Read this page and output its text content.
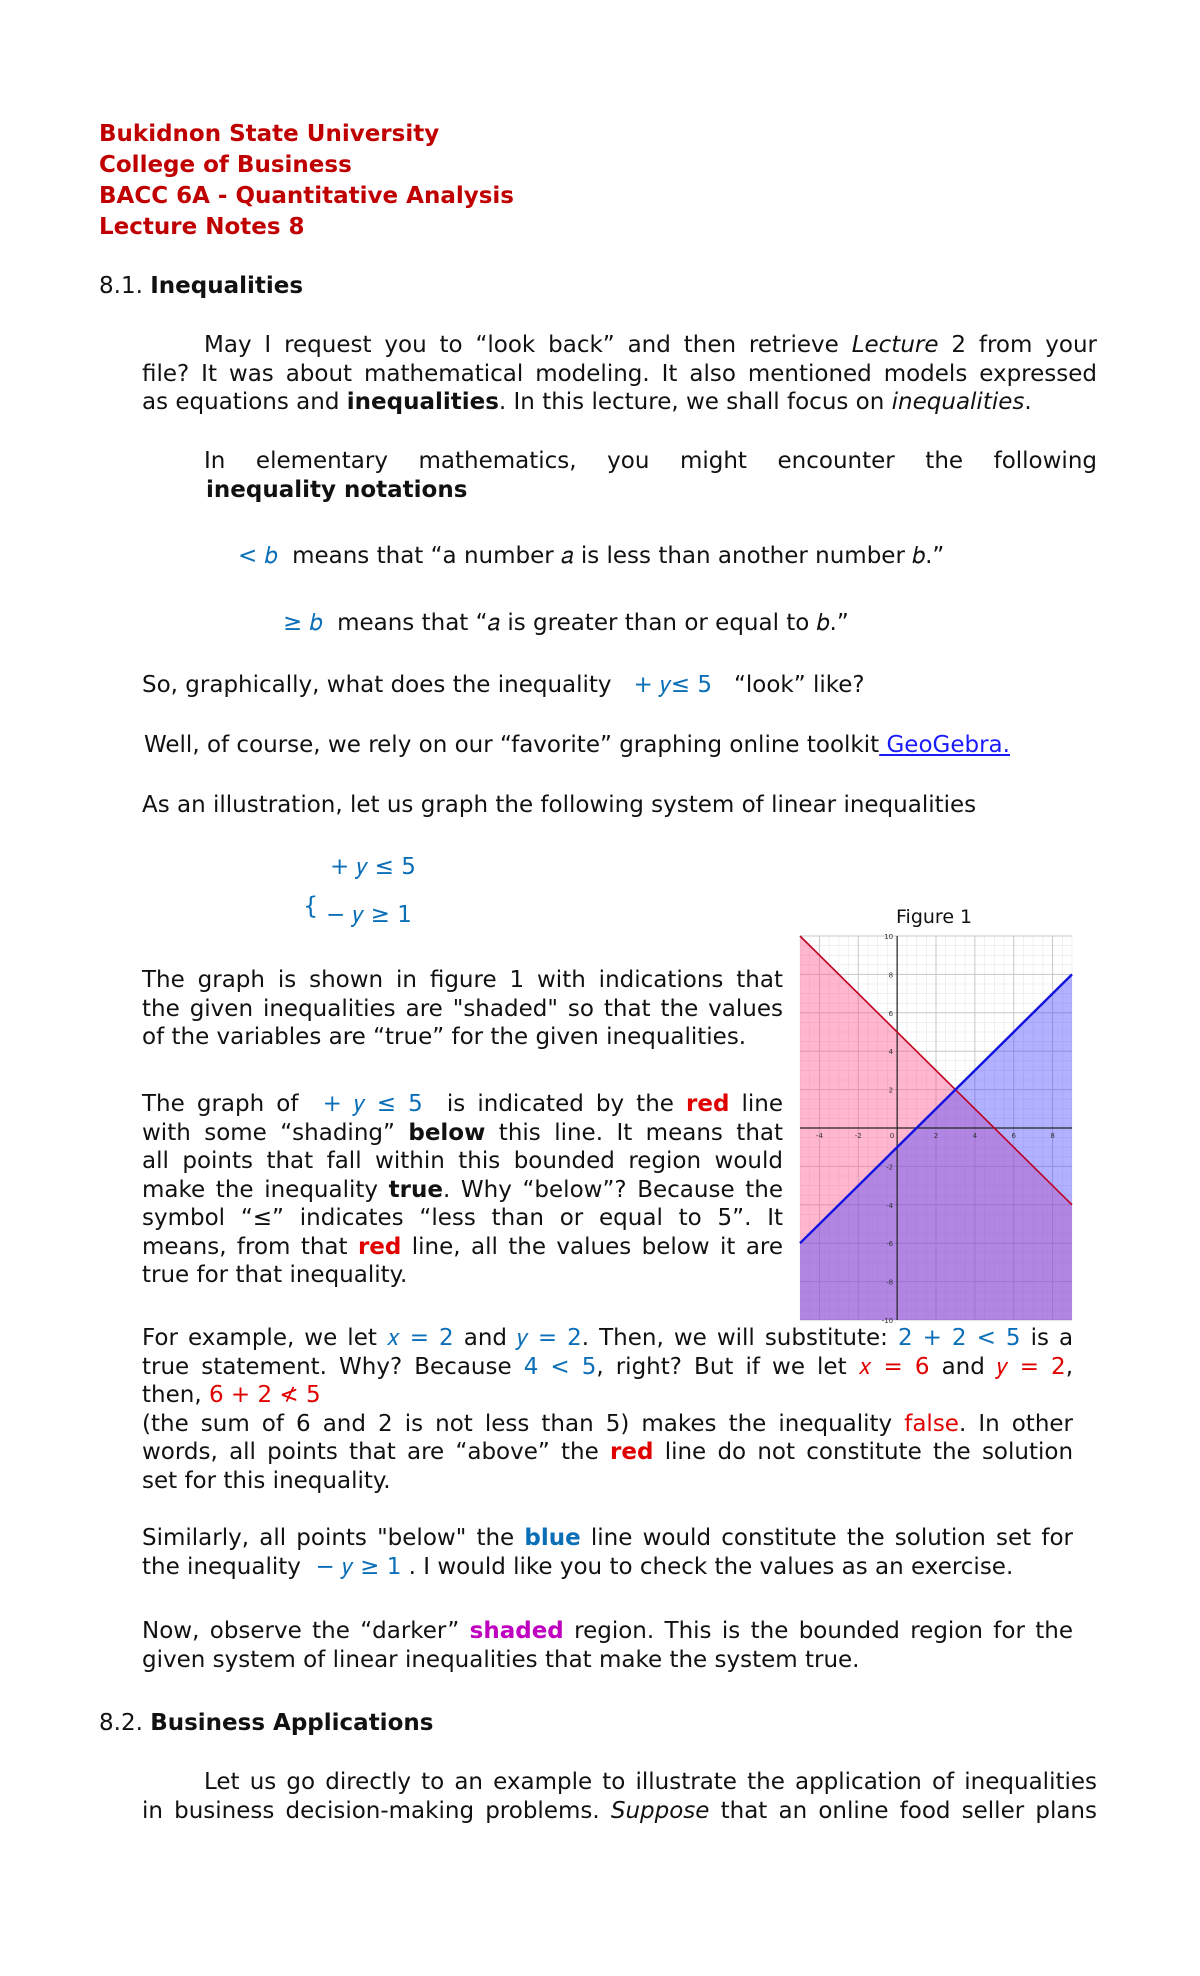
Bukidnon State University
College of Business
BACC 6A - Quantitative Analysis
Lecture Notes 8
8.1. Inequalities
May I request you to “look back” and then retrieve Lecture 2 from your
file? It was about mathematical modeling. It also mentioned models expressed
as equations and inequalities. In this lecture, we shall focus on inequalities.
In elementary mathematics, you might encounter the following
inequality notations
< 𝑏 means that “a number 𝑎 is less than another number 𝑏.”
≥ 𝑏 means that “𝑎 is greater than or equal to 𝑏.”
So, graphically, what does the inequality + 𝑦≤ 5 “look” like?
Well, of course, we rely on our “favorite” graphing online toolkit GeoGebra.
As an illustration, let us graph the following system of linear inequalities
{
+ 𝑦 ≤ 5
− 𝑦 ≥ 1	Figure 1
-4	-2	2	4	6	8
0
10
8
6
4
2
-2
-4
-6
-8
-10
The graph is shown in figure 1 with indications that
the given inequalities are "shaded" so that the values
of the variables are “true” for the given inequalities.
The graph of + 𝑦 ≤ 5 is indicated by the red line
with some “shading” below this line. It means that
all points that fall within this bounded region would
make the inequality true. Why “below”? Because the
symbol “≤” indicates “less than or equal to 5”. It
means, from that red line, all the values below it are
true for that inequality.
For example, we let 𝑥 = 2 and 𝑦 = 2. Then, we will substitute: 2 + 2 < 5 is a
true statement. Why? Because 4 < 5, right? But if we let 𝑥 = 6 and 𝑦 = 2,
then, 6 + 2 ≮ 5
(the sum of 6 and 2 is not less than 5) makes the inequality false. In other
words, all points that are “above” the red line do not constitute the solution
set for this inequality.
Similarly, all points "below" the blue line would constitute the solution set for
the inequality − 𝑦 ≥ 1 . I would like you to check the values as an exercise.
Now, observe the “darker” shaded region. This is the bounded region for the
given system of linear inequalities that make the system true.
8.2. Business Applications
Let us go directly to an example to illustrate the application of inequalities
in business decision-making problems. Suppose that an online food seller plans
